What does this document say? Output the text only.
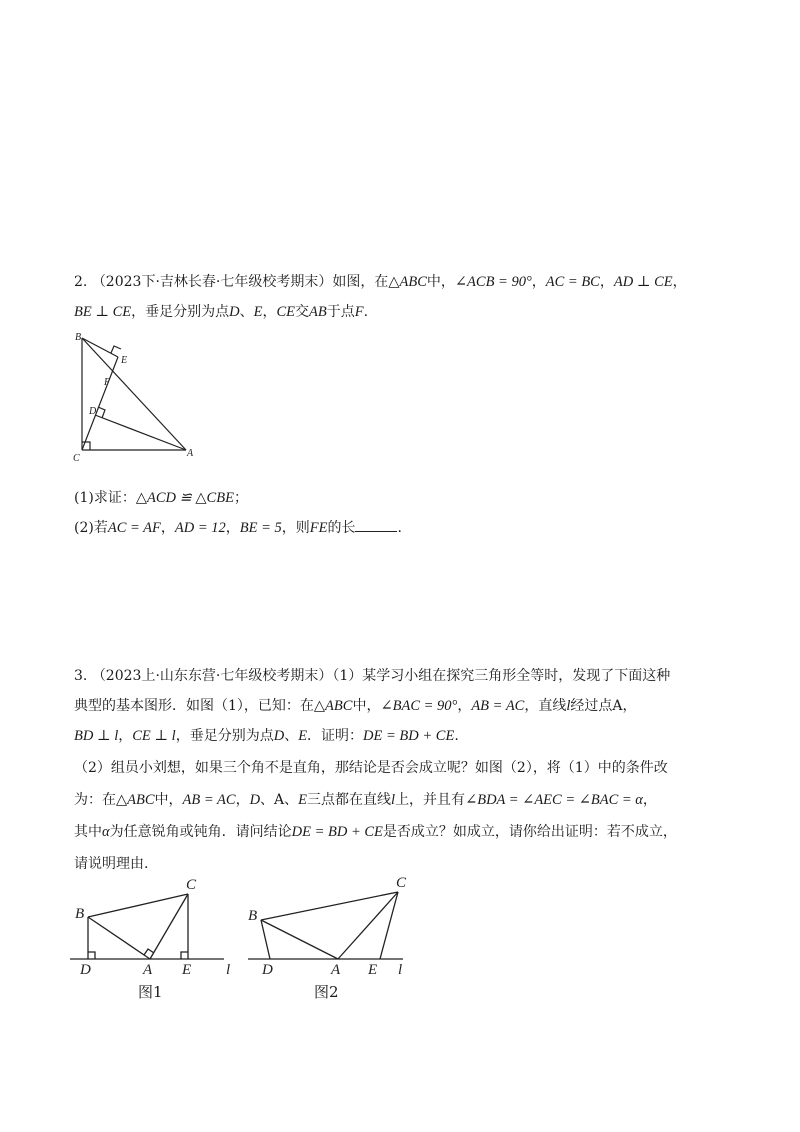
2. （2023下·吉林长春·七年级校考期末）如图，在△ABC中，∠ACB = 90°，AC = BC，AD ⊥ CE，
BE ⊥ CE，垂足分别为点D、E，CE交AB于点F.
B
E
F
D
C	A
(1)求证：△ACD ≌ △CBE；
(2)若AC = AF，AD = 12，BE = 5，则FE的长	.
3. （2023上·山东东营·七年级校考期末）（1）某学习小组在探究三角形全等时，发现了下面这种
典型的基本图形．如图（1），已知：在△ABC中，∠BAC = 90°，AB = AC，直线l经过点A，
BD ⊥ l，CE ⊥ l，垂足分别为点D、E．证明：DE = BD + CE.
（2）组员小刘想，如果三个角不是直角，那结论是否会成立呢？如图（2），将（1）中的条件改
为：在△ABC中，AB = AC，D、A、E三点都在直线l上，并且有∠BDA = ∠AEC = ∠BAC = α，
其中α为任意锐角或钝角．请问结论DE = BD + CE是否成立？如成立，请你给出证明：若不成立，
请说明理由.
C
B
D	A E l
图1
C
B
D	A E l
图2
